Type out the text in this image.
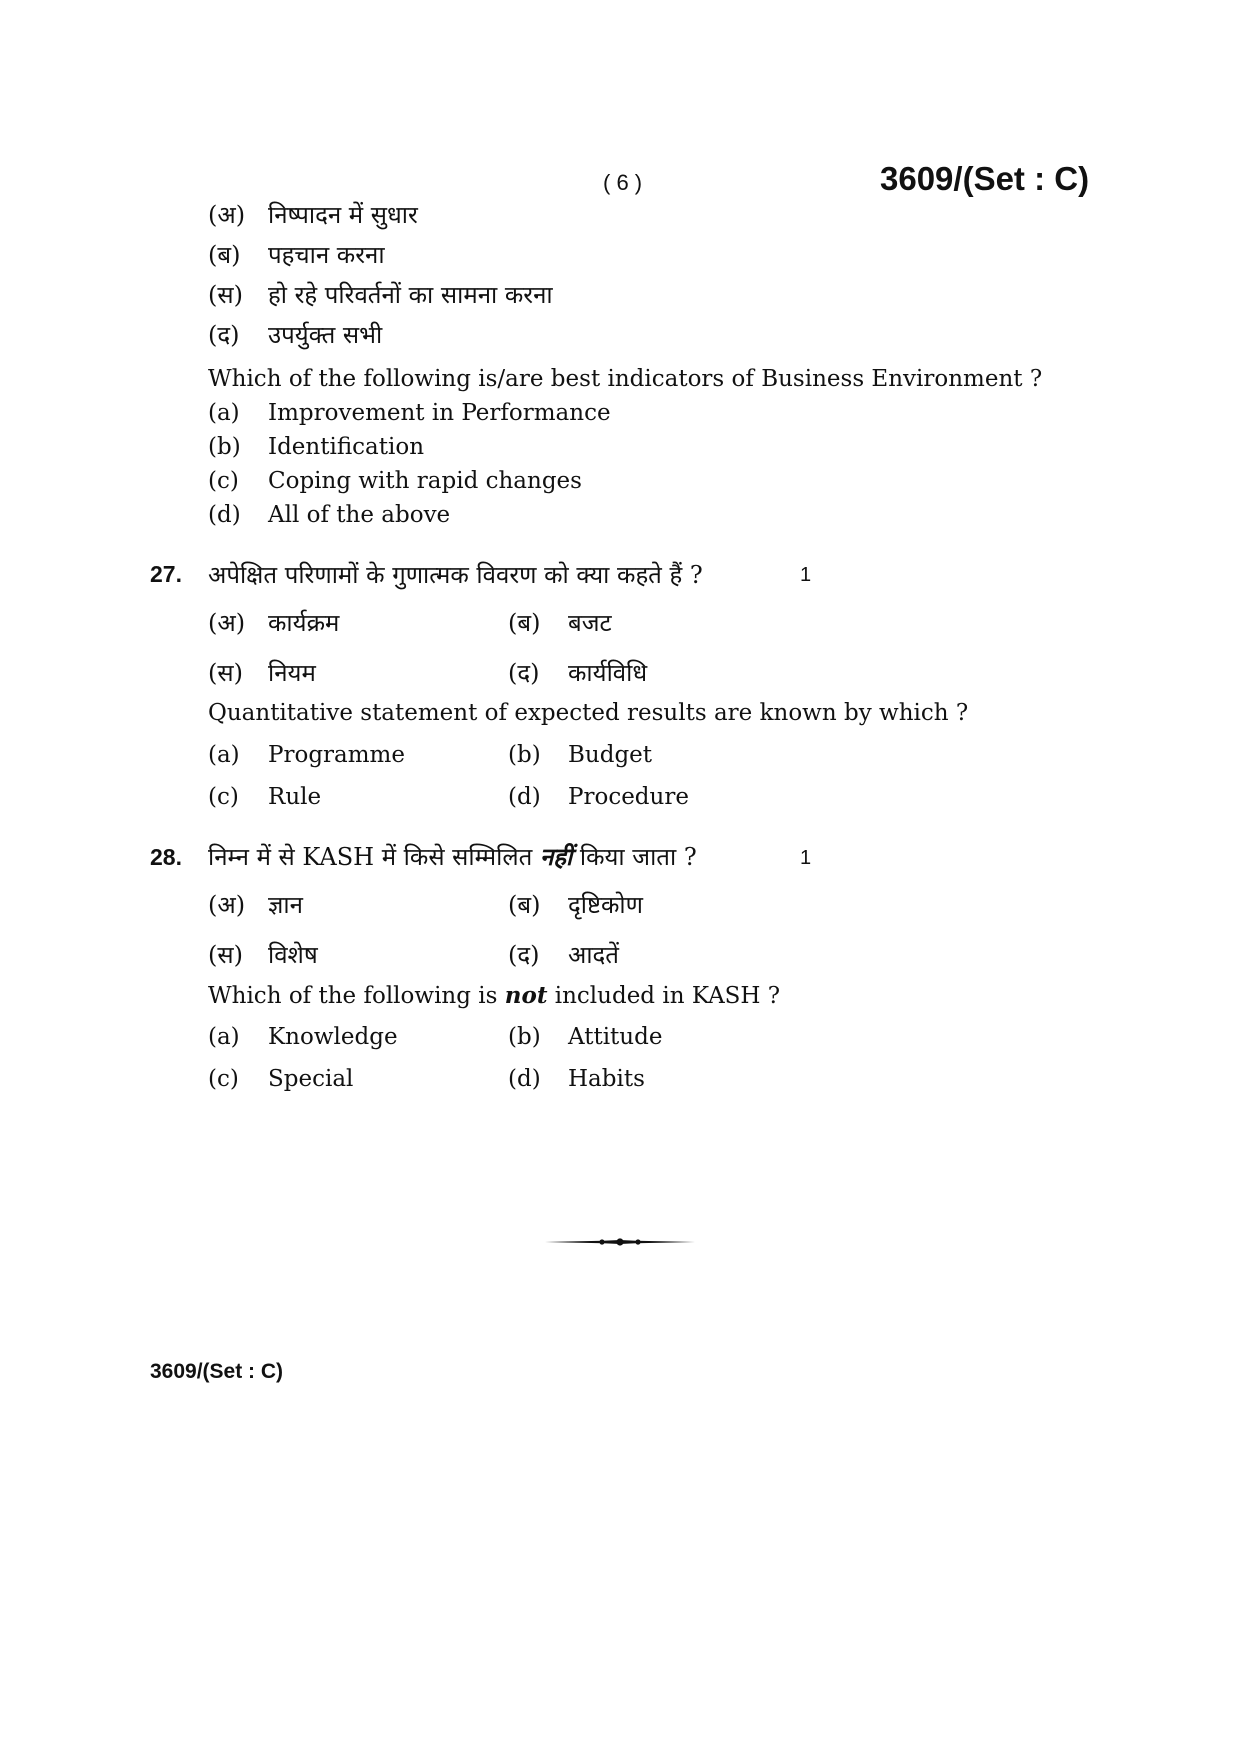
( 6 )	3609/(Set : C)
(अ) निष्पादन में सुधार
(ब) पहचान करना
(स) हो रहे परिवर्तनों का सामना करना
(द) उपर्युक्त सभी
Which of the following is/are best indicators of Business Environment ?
(a) Improvement in Performance
(b) Identification
(c) Coping with rapid changes
(d) All of the above
27. अपेक्षित परिणामों के गुणात्मक विवरण को क्या कहते हैं ?	1
(अ) कार्यक्रम	(ब) बजट
(स) नियम	(द) कार्यविधि
Quantitative statement of expected results are known by which ?
(a) Programme	(b) Budget
(c) Rule	(d) Procedure
28. निम्न में से KASH में किसे सम्मिलित नहीं किया जाता ?	1
(अ) ज्ञान	(ब) दृष्टिकोण
(स) विशेष	(द) आदतें
Which of the following is not included in KASH ?
(a) Knowledge	(b) Attitude
(c) Special	(d) Habits
3609/(Set : C)
